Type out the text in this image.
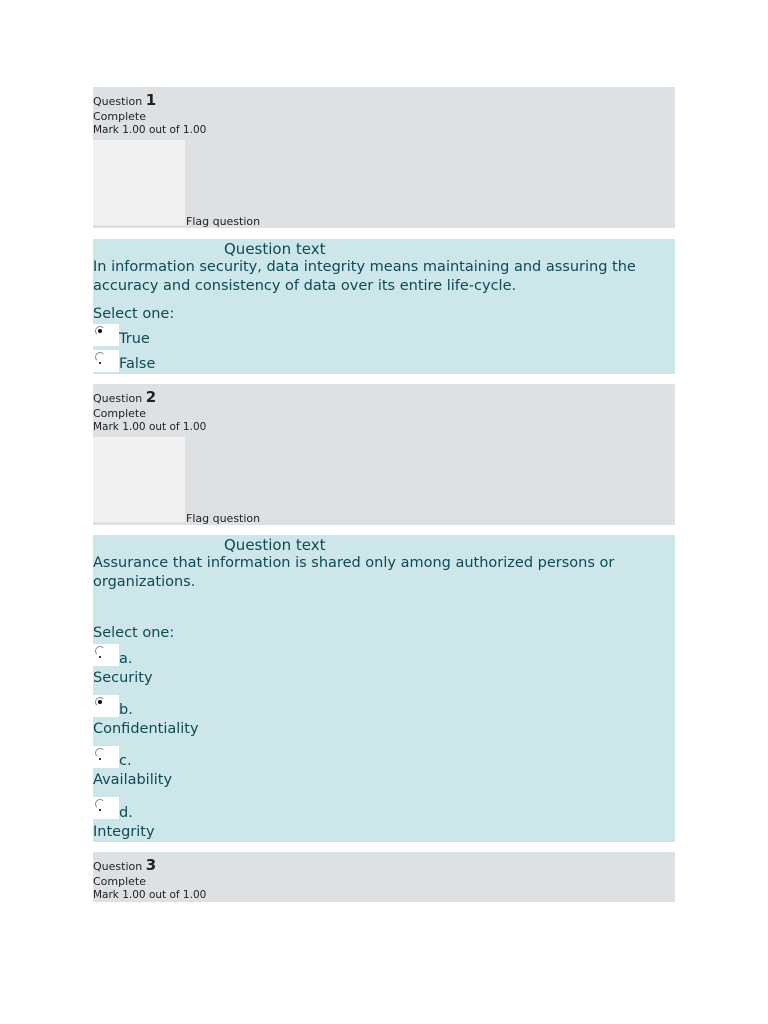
Question 1
Complete
Mark 1.00 out of 1.00
Flag question
Question text
In information security, data integrity means maintaining and assuring the accuracy and consistency of data over its entire life-cycle.
Select one:
True
False
Question 2
Complete
Mark 1.00 out of 1.00
Flag question
Question text
Assurance that information is shared only among authorized persons or organizations.
Select one:
a.
Security
b.
Confidentiality
c.
Availability
d.
Integrity
Question 3
Complete
Mark 1.00 out of 1.00
